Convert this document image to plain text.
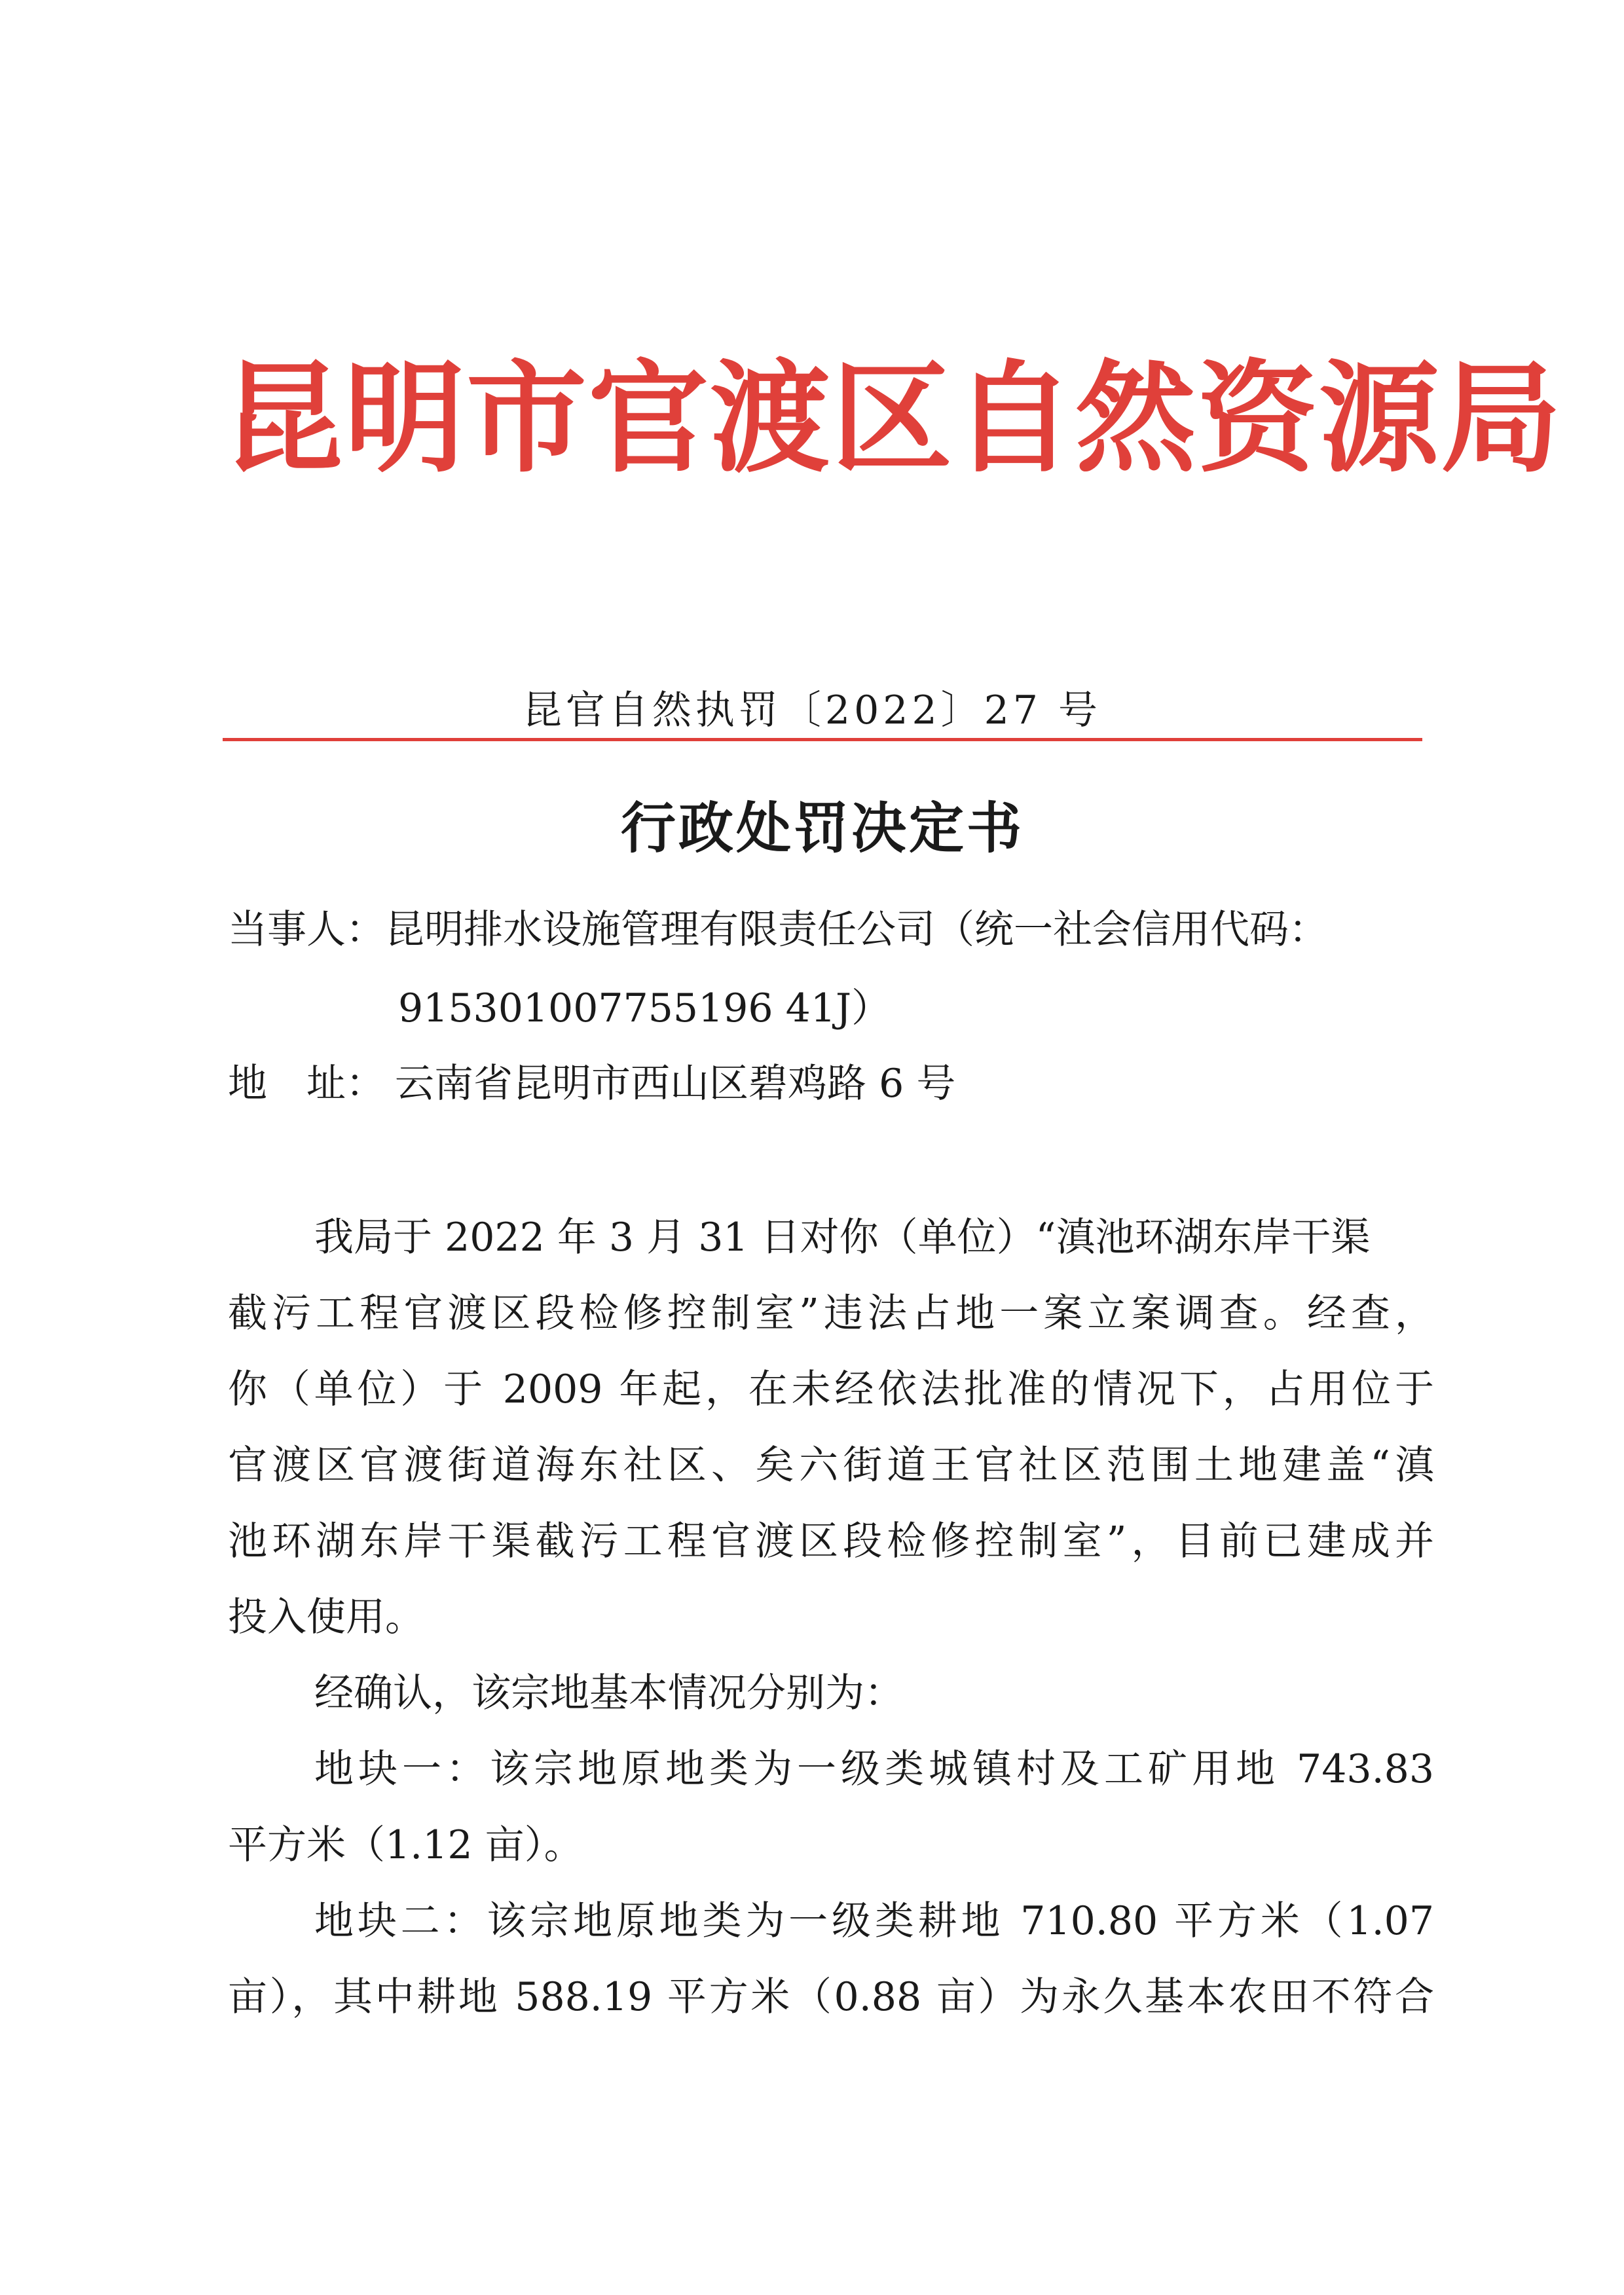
昆明市官渡区自然资源局
昆官自然执罚〔2022〕27 号
行政处罚决定书
当事人：昆明排水设施管理有限责任公司（统一社会信用代码：
915301007755196 41J）
地　址： 云南省昆明市西山区碧鸡路 6 号
我局于 2022 年 3 月 31 日对你（单位）“滇池环湖东岸干渠
截污工程官渡区段检修控制室”违法占地一案立案调查。经查，
你（单位）于 2009 年起，在未经依法批准的情况下，占用位于
官渡区官渡街道海东社区、矣六街道王官社区范围土地建盖“滇
池环湖东岸干渠截污工程官渡区段检修控制室”，目前已建成并
投入使用。
经确认，该宗地基本情况分别为：
地块一：该宗地原地类为一级类城镇村及工矿用地 743.83
平方米（1.12 亩）。
地块二：该宗地原地类为一级类耕地 710.80 平方米（1.07
亩），其中耕地 588.19 平方米（0.88 亩）为永久基本农田不符合
